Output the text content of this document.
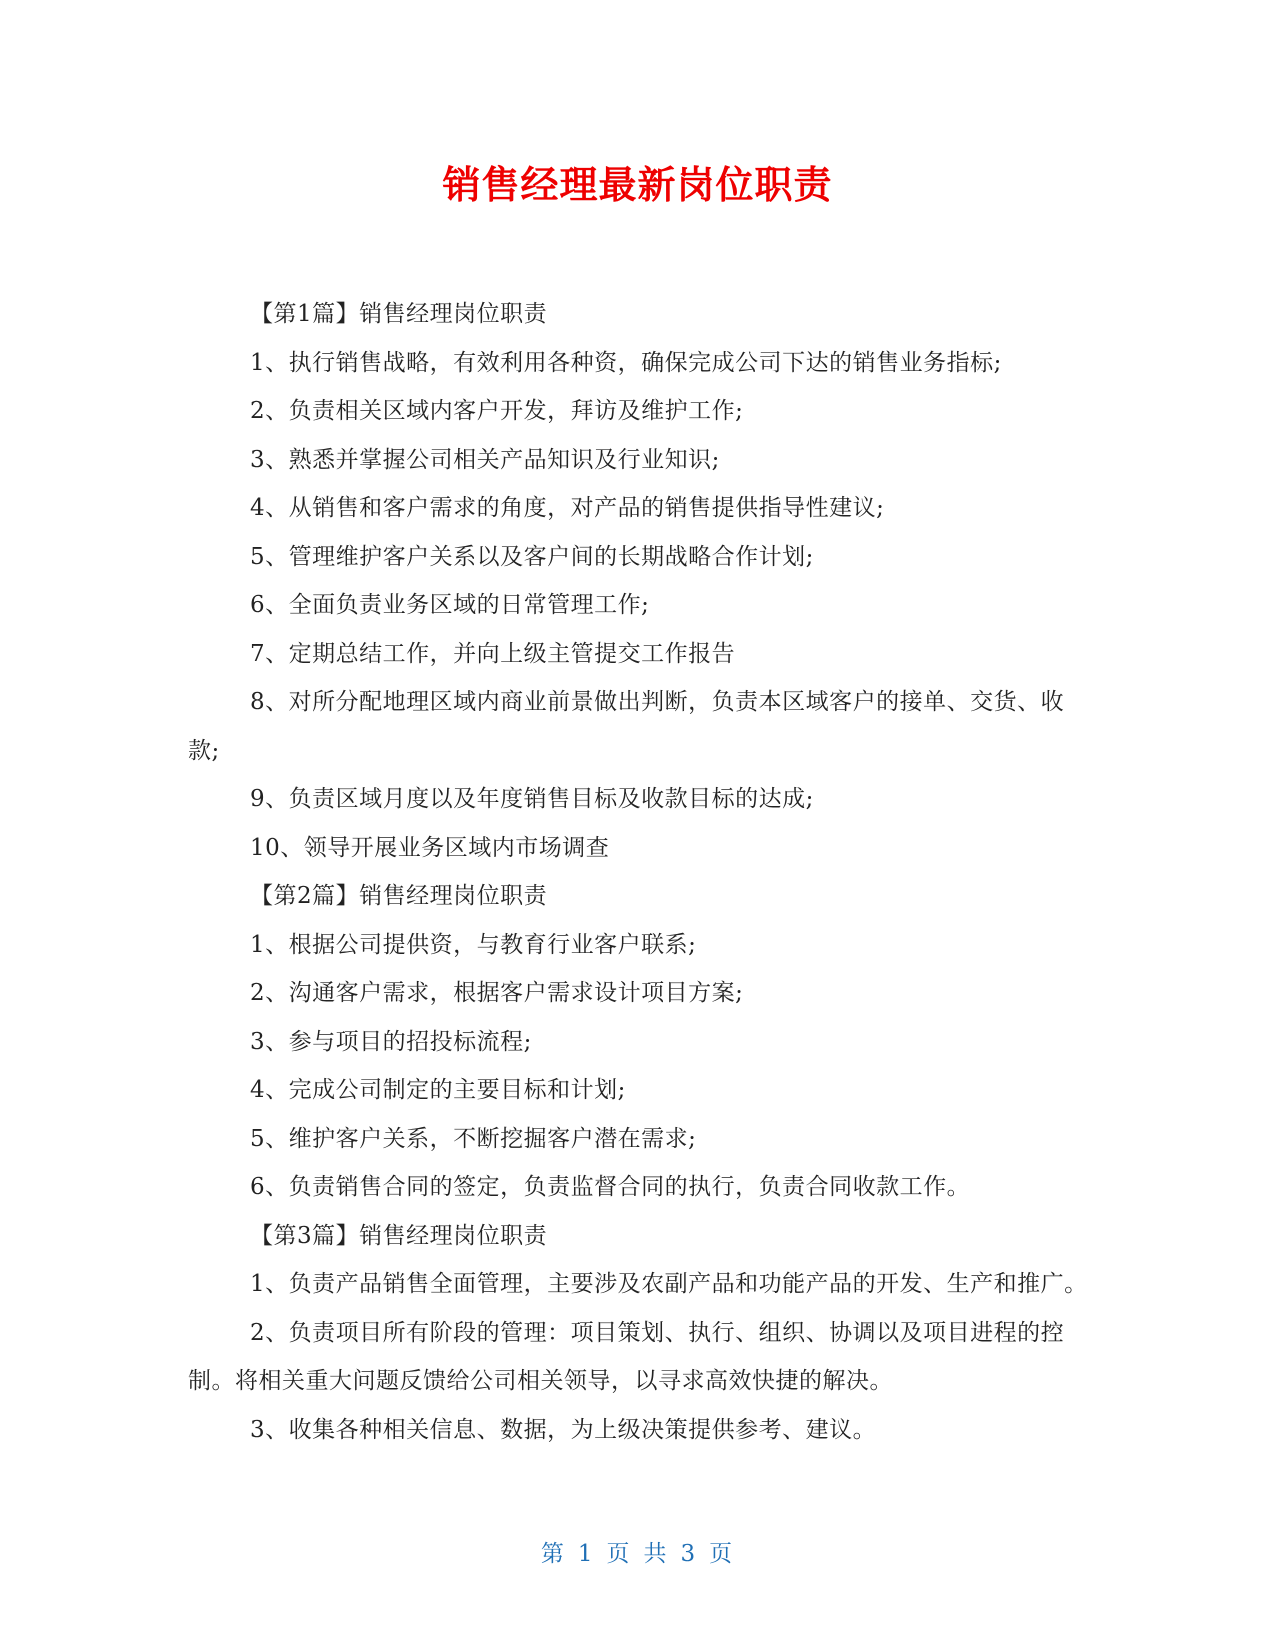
销售经理最新岗位职责

【第1篇】销售经理岗位职责

1、执行销售战略，有效利用各种资，确保完成公司下达的销售业务指标;

2、负责相关区域内客户开发，拜访及维护工作;

3、熟悉并掌握公司相关产品知识及行业知识;

4、从销售和客户需求的角度，对产品的销售提供指导性建议;

5、管理维护客户关系以及客户间的长期战略合作计划;

6、全面负责业务区域的日常管理工作;

7、定期总结工作，并向上级主管提交工作报告

8、对所分配地理区域内商业前景做出判断，负责本区域客户的接单、交货、收款;

9、负责区域月度以及年度销售目标及收款目标的达成;

10、领导开展业务区域内市场调查

【第2篇】销售经理岗位职责

1、根据公司提供资，与教育行业客户联系;

2、沟通客户需求，根据客户需求设计项目方案;

3、参与项目的招投标流程;

4、完成公司制定的主要目标和计划;

5、维护客户关系，不断挖掘客户潜在需求;

6、负责销售合同的签定，负责监督合同的执行，负责合同收款工作。

【第3篇】销售经理岗位职责

1、负责产品销售全面管理，主要涉及农副产品和功能产品的开发、生产和推广。

2、负责项目所有阶段的管理：项目策划、执行、组织、协调以及项目进程的控制。将相关重大问题反馈给公司相关领导，以寻求高效快捷的解决。

3、收集各种相关信息、数据，为上级决策提供参考、建议。

第 1 页 共 3 页
